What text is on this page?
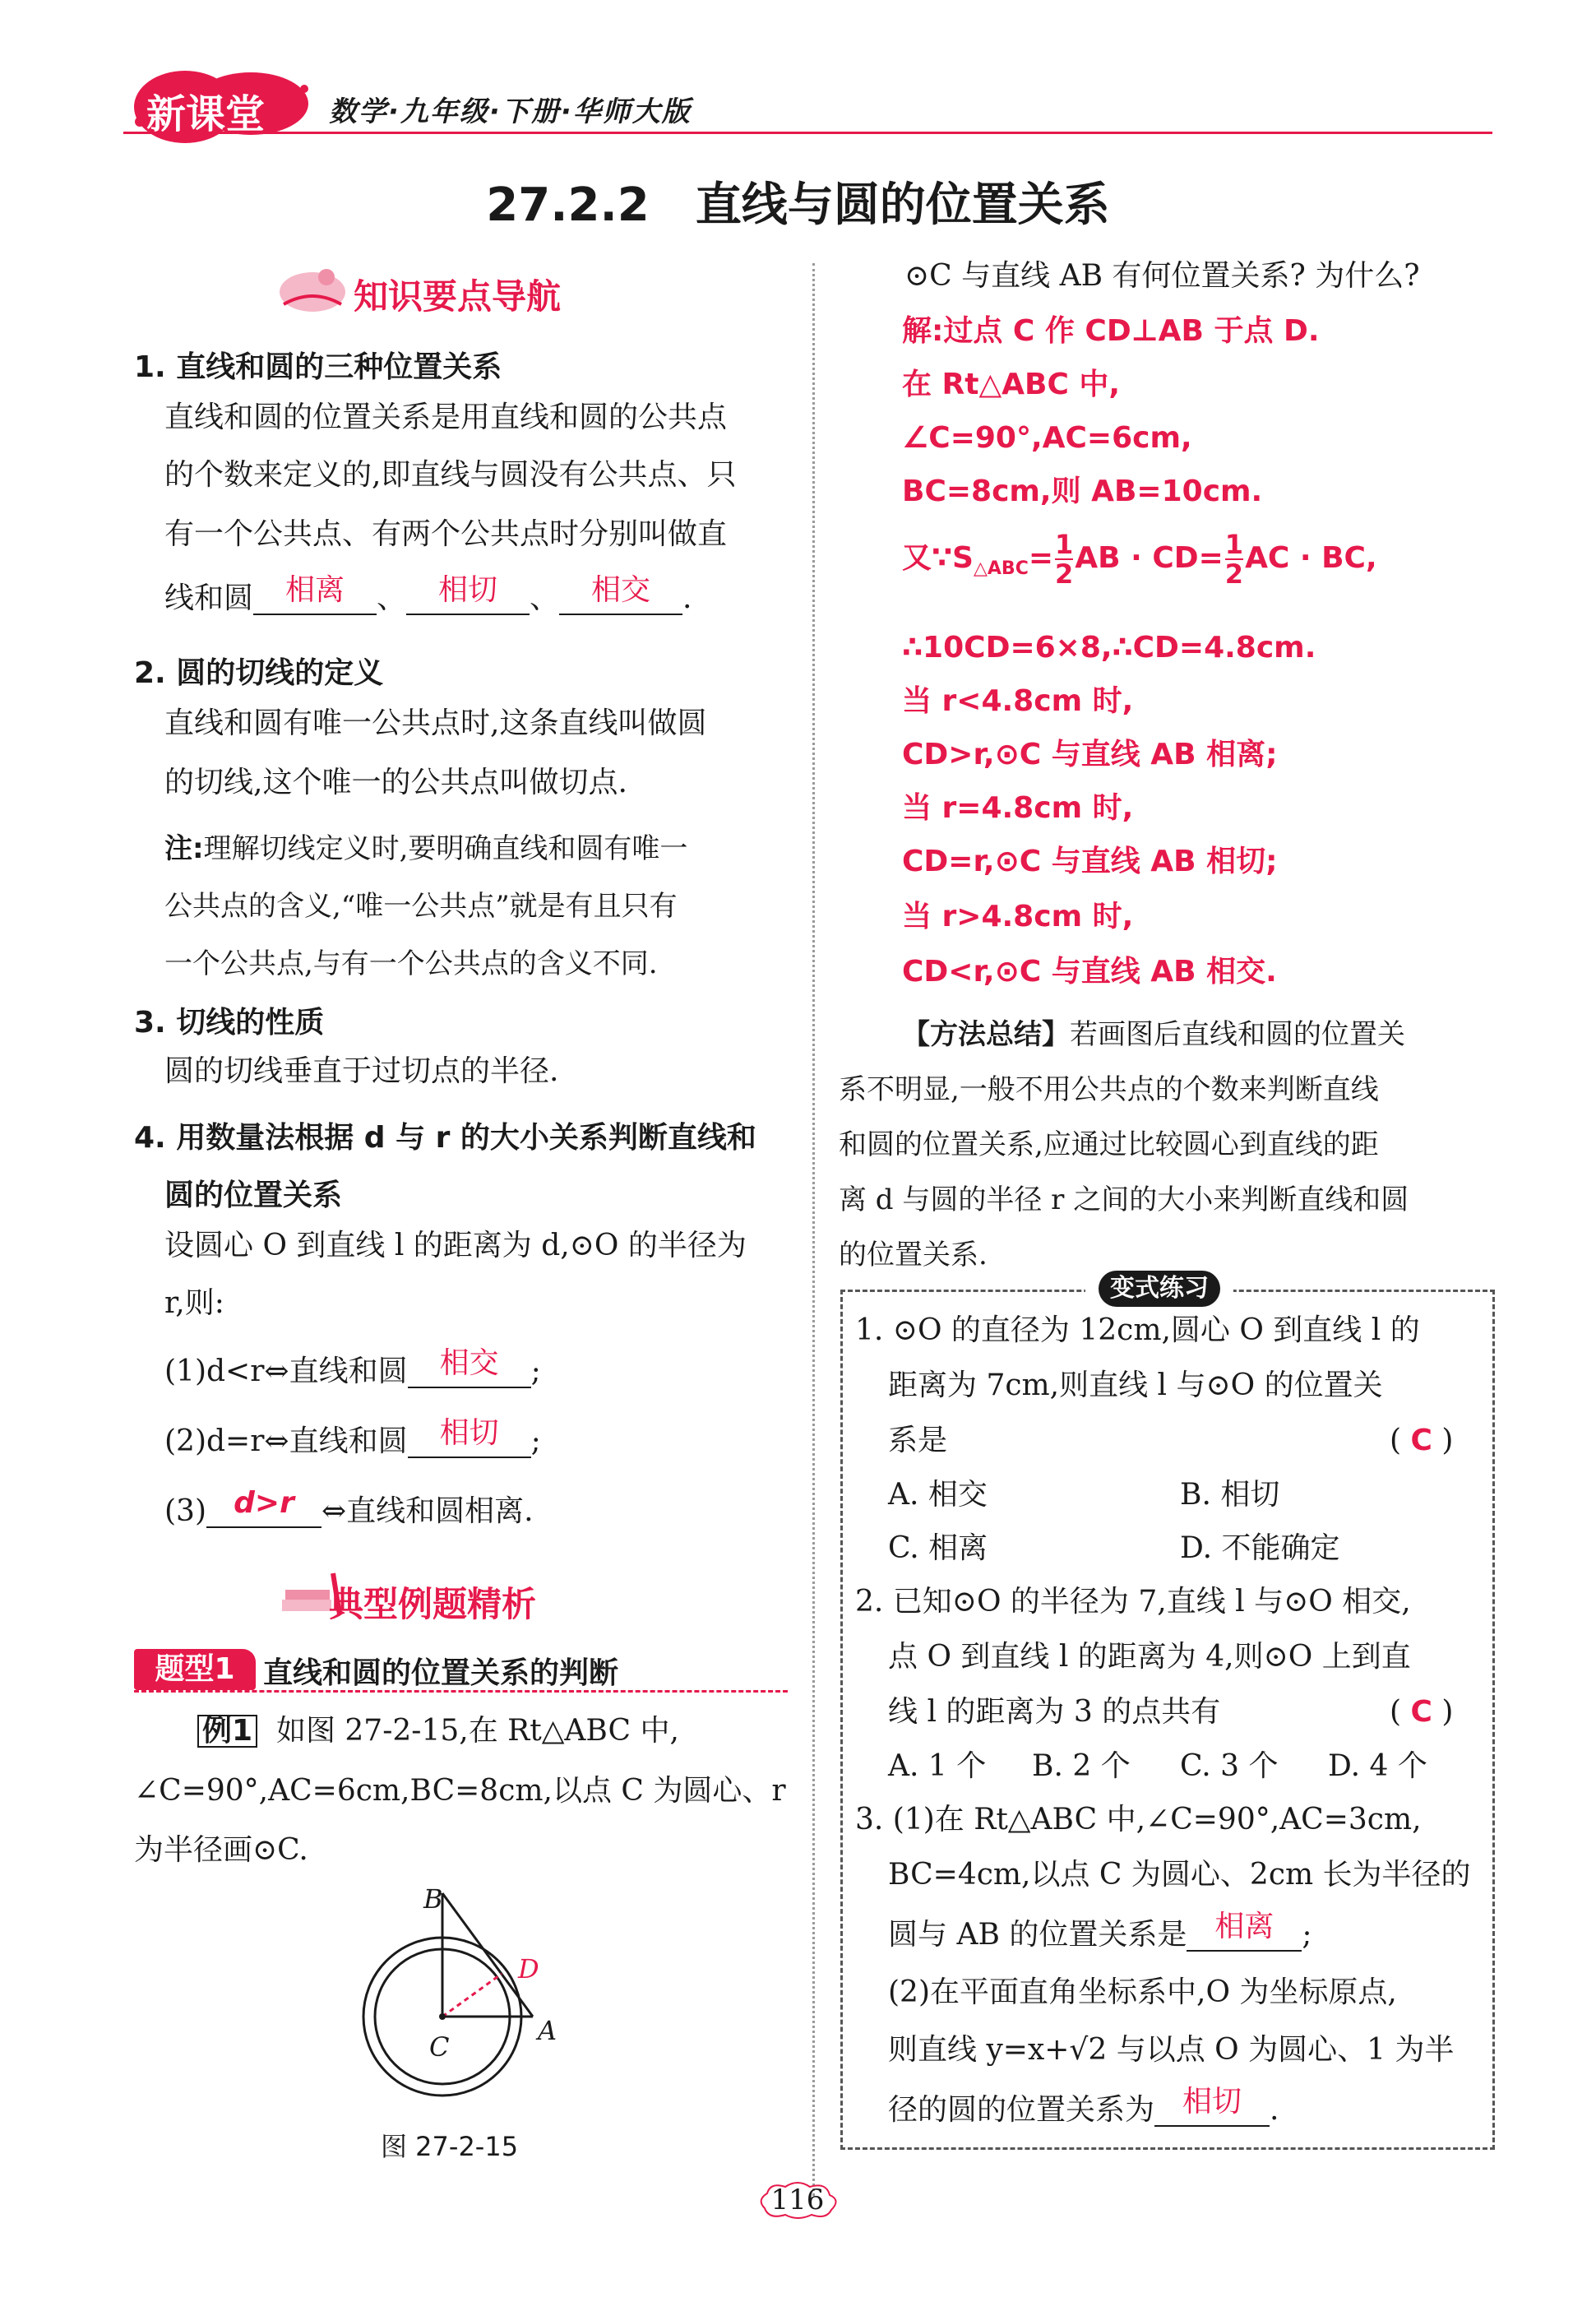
新课堂 数学·九年级·下册·华师大版
27.2.2　直线与圆的位置关系
知识要点导航
1. 直线和圆的三种位置关系
直线和圆的位置关系是用直线和圆的公共点
的个数来定义的,即直线与圆没有公共点、只
有一个公共点、有两个公共点时分别叫做直
线和圆 相离 、 相切 、 相交 .
2. 圆的切线的定义
直线和圆有唯一公共点时,这条直线叫做圆
的切线,这个唯一的公共点叫做切点.
注:理解切线定义时,要明确直线和圆有唯一
公共点的含义,“唯一公共点”就是有且只有
一个公共点,与有一个公共点的含义不同.
3. 切线的性质
圆的切线垂直于过切点的半径.
4. 用数量法根据 d 与 r 的大小关系判断直线和
圆的位置关系
设圆心 O 到直线 l 的距离为 d,⊙O 的半径为
r,则:
(1)d<r⇔直线和圆 相交 ;
(2)d=r⇔直线和圆 相切 ;
(3) d>r ⇔直线和圆相离.
典型例题精析
题型1 直线和圆的位置关系的判断
例1 如图 27-2-15,在 Rt△ABC 中,
∠C=90°,AC=6cm,BC=8cm,以点 C 为圆心、r
为半径画⊙C.
B
D
A
C
图 27-2-15
⊙C 与直线 AB 有何位置关系? 为什么?
解:过点 C 作 CD⊥AB 于点 D.
在 Rt△ABC 中,
∠C=90°,AC=6cm,
BC=8cm,则 AB=10cm.
又$\because S_{\triangle ABC}= \frac{1}{2}$ AB · $CD= \frac{1}{2}$ AC · BC,
∴10CD=6×8,∴CD=4.8cm.
当 r<4.8cm 时,
CD>r,⊙C 与直线 AB 相离;
当 r=4.8cm 时,
CD=r,⊙C 与直线 AB 相切;
当 r>4.8cm 时,
CD<r,⊙C 与直线 AB 相交.
【方法总结】若画图后直线和圆的位置关
系不明显,一般不用公共点的个数来判断直线
和圆的位置关系,应通过比较圆心到直线的距
离 d 与圆的半径 r 之间的大小来判断直线和圆
的位置关系.
变式练习
1. ⊙O 的直径为 12cm,圆心 O 到直线 l 的
距离为 7cm,则直线 l 与⊙O 的位置关
系是	( C )
A. 相交	B. 相切
C. 相离	D. 不能确定
2. 已知⊙O 的半径为 7,直线 l 与⊙O 相交,
点 O 到直线 l 的距离为 4,则⊙O 上到直
线 l 的距离为 3 的点共有	( C )
A. 1 个 B. 2 个 C. 3 个 D. 4 个
3. (1)在 Rt△ABC 中,∠C=90°,AC=3cm,
BC=4cm,以点 C 为圆心、2cm 长为半径的
圆与 AB 的位置关系是 相离 ;
(2)在平面直角坐标系中,O 为坐标原点,
则直线 y=x+√2 与以点 O 为圆心、1 为半
径的圆的位置关系为 相切 .
116
